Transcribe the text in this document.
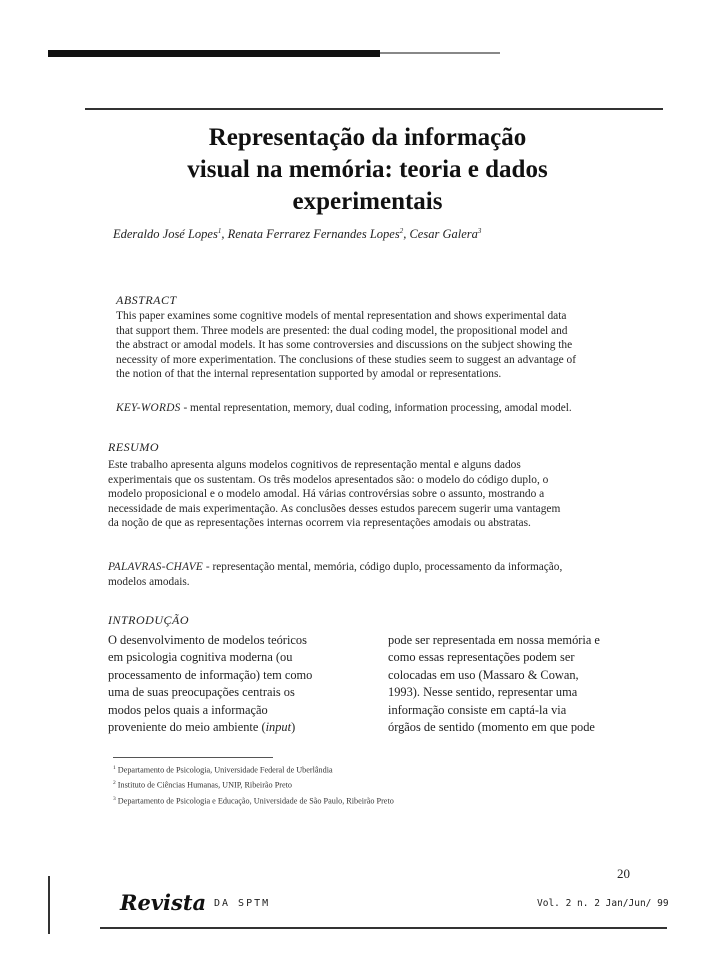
Representação da informação
visual na memória: teoria e dados
experimentais
Ederaldo José Lopes$^1$, Renata Ferrarez Fernandes Lopes$^2$, Cesar Galera$^3$
ABSTRACT
This paper examines some cognitive models of mental representation and shows experimental data
that support them. Three models are presented: the dual coding model, the propositional model and
the abstract or amodal models. It has some controversies and discussions on the subject showing the
necessity of more experimentation. The conclusions of these studies seem to suggest an advantage of
the notion of that the internal representation supported by amodal or representations.
KEY-WORDS - mental representation, memory, dual coding, information processing, amodal model.
RESUMO
Este trabalho apresenta alguns modelos cognitivos de representação mental e alguns dados
experimentais que os sustentam. Os três modelos apresentados são: o modelo do código duplo, o
modelo proposicional e o modelo amodal. Há várias controvérsias sobre o assunto, mostrando a
necessidade de mais experimentação. As conclusões desses estudos parecem sugerir uma vantagem
da noção de que as representações internas ocorrem via representações amodais ou abstratas.
PALAVRAS-CHAVE - representação mental, memória, código duplo, processamento da informação,
modelos amodais.
INTRODUÇÃO
O desenvolvimento de modelos teóricos
em psicologia cognitiva moderna (ou
processamento de informação) tem como
uma de suas preocupações centrais os
modos pelos quais a informação
proveniente do meio ambiente (input)
pode ser representada em nossa memória e
como essas representações podem ser
colocadas em uso (Massaro & Cowan,
1993). Nesse sentido, representar uma
informação consiste em captá-la via
órgãos de sentido (momento em que pode
$^1$ Departamento de Psicologia, Universidade Federal de Uberlândia
$^2$ Instituto de Ciências Humanas, UNIP, Ribeirão Preto
$^3$ Departamento de Psicologia e Educação, Universidade de São Paulo, Ribeirão Preto
20
Revista DA SPTM	Vol. 2 n. 2 Jan/Jun/ 99
